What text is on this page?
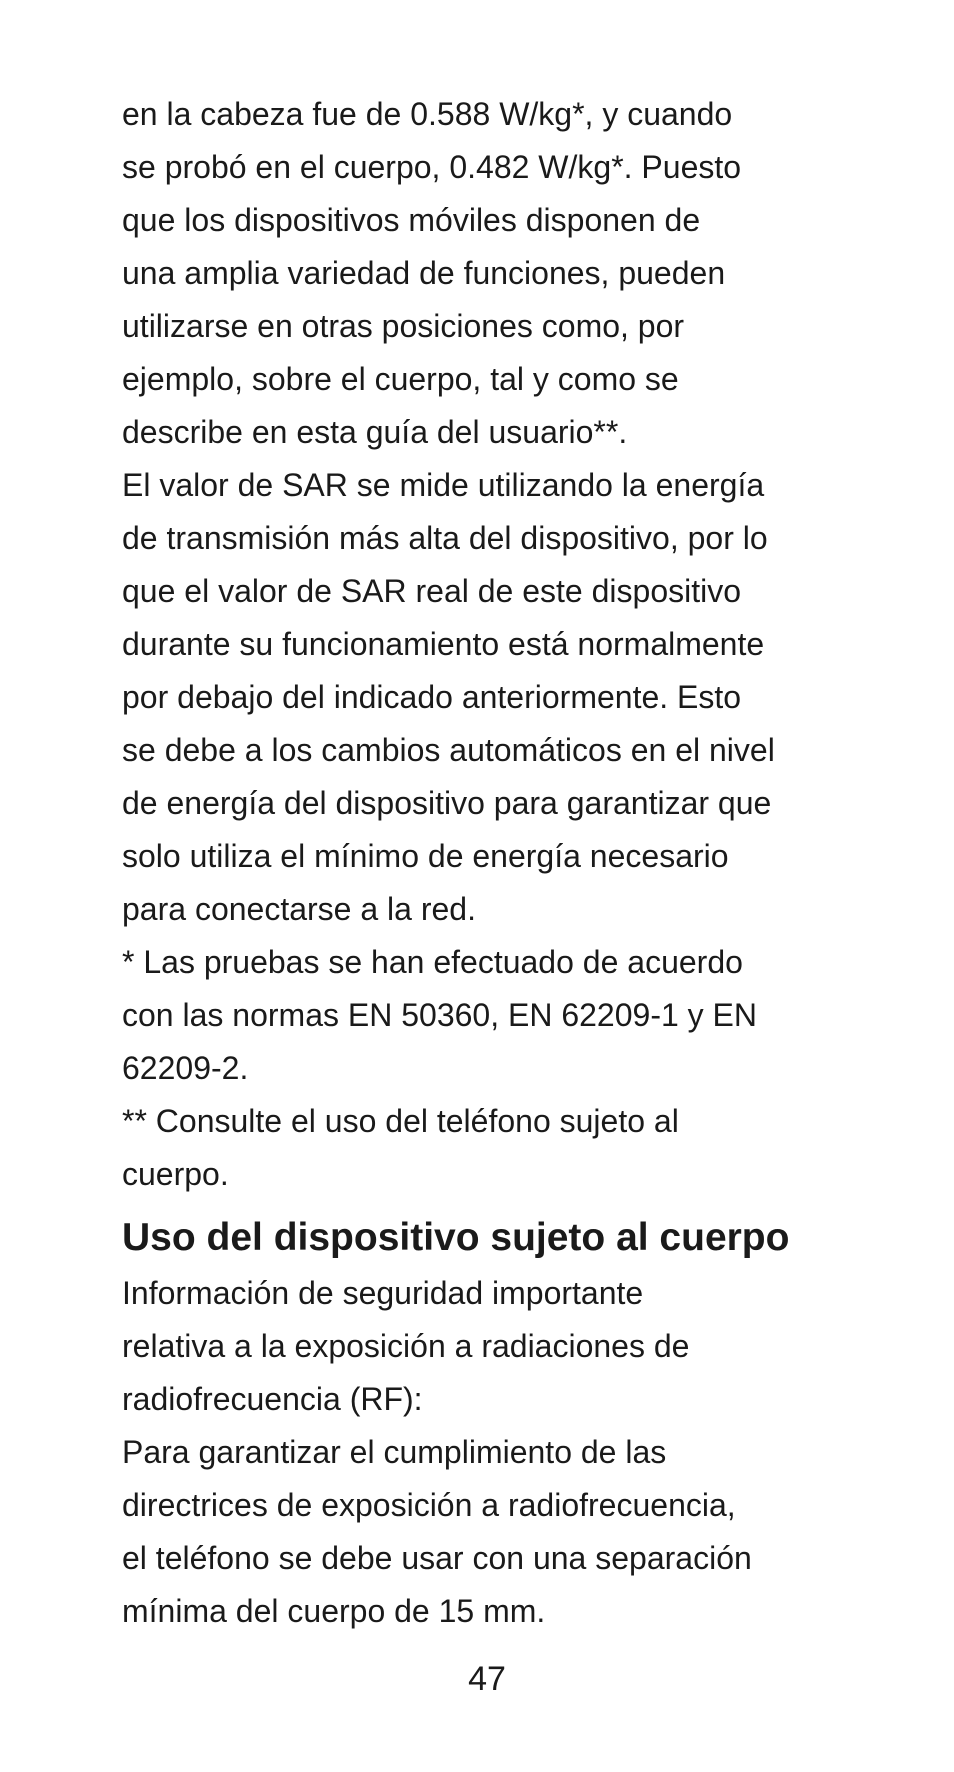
en la cabeza fue de 0.588 W/kg*, y cuando
se probó en el cuerpo, 0.482 W/kg*. Puesto
que los dispositivos móviles disponen de
una amplia variedad de funciones, pueden
utilizarse en otras posiciones como, por
ejemplo, sobre el cuerpo, tal y como se
describe en esta guía del usuario**.

El valor de SAR se mide utilizando la energía
de transmisión más alta del dispositivo, por lo
que el valor de SAR real de este dispositivo
durante su funcionamiento está normalmente
por debajo del indicado anteriormente. Esto
se debe a los cambios automáticos en el nivel
de energía del dispositivo para garantizar que
solo utiliza el mínimo de energía necesario
para conectarse a la red.

* Las pruebas se han efectuado de acuerdo
con las normas EN 50360, EN 62209-1 y EN
62209-2.

** Consulte el uso del teléfono sujeto al
cuerpo.

Uso del dispositivo sujeto al cuerpo

Información de seguridad importante
relativa a la exposición a radiaciones de
radiofrecuencia (RF):

Para garantizar el cumplimiento de las
directrices de exposición a radiofrecuencia,
el teléfono se debe usar con una separación
mínima del cuerpo de 15 mm.

47
